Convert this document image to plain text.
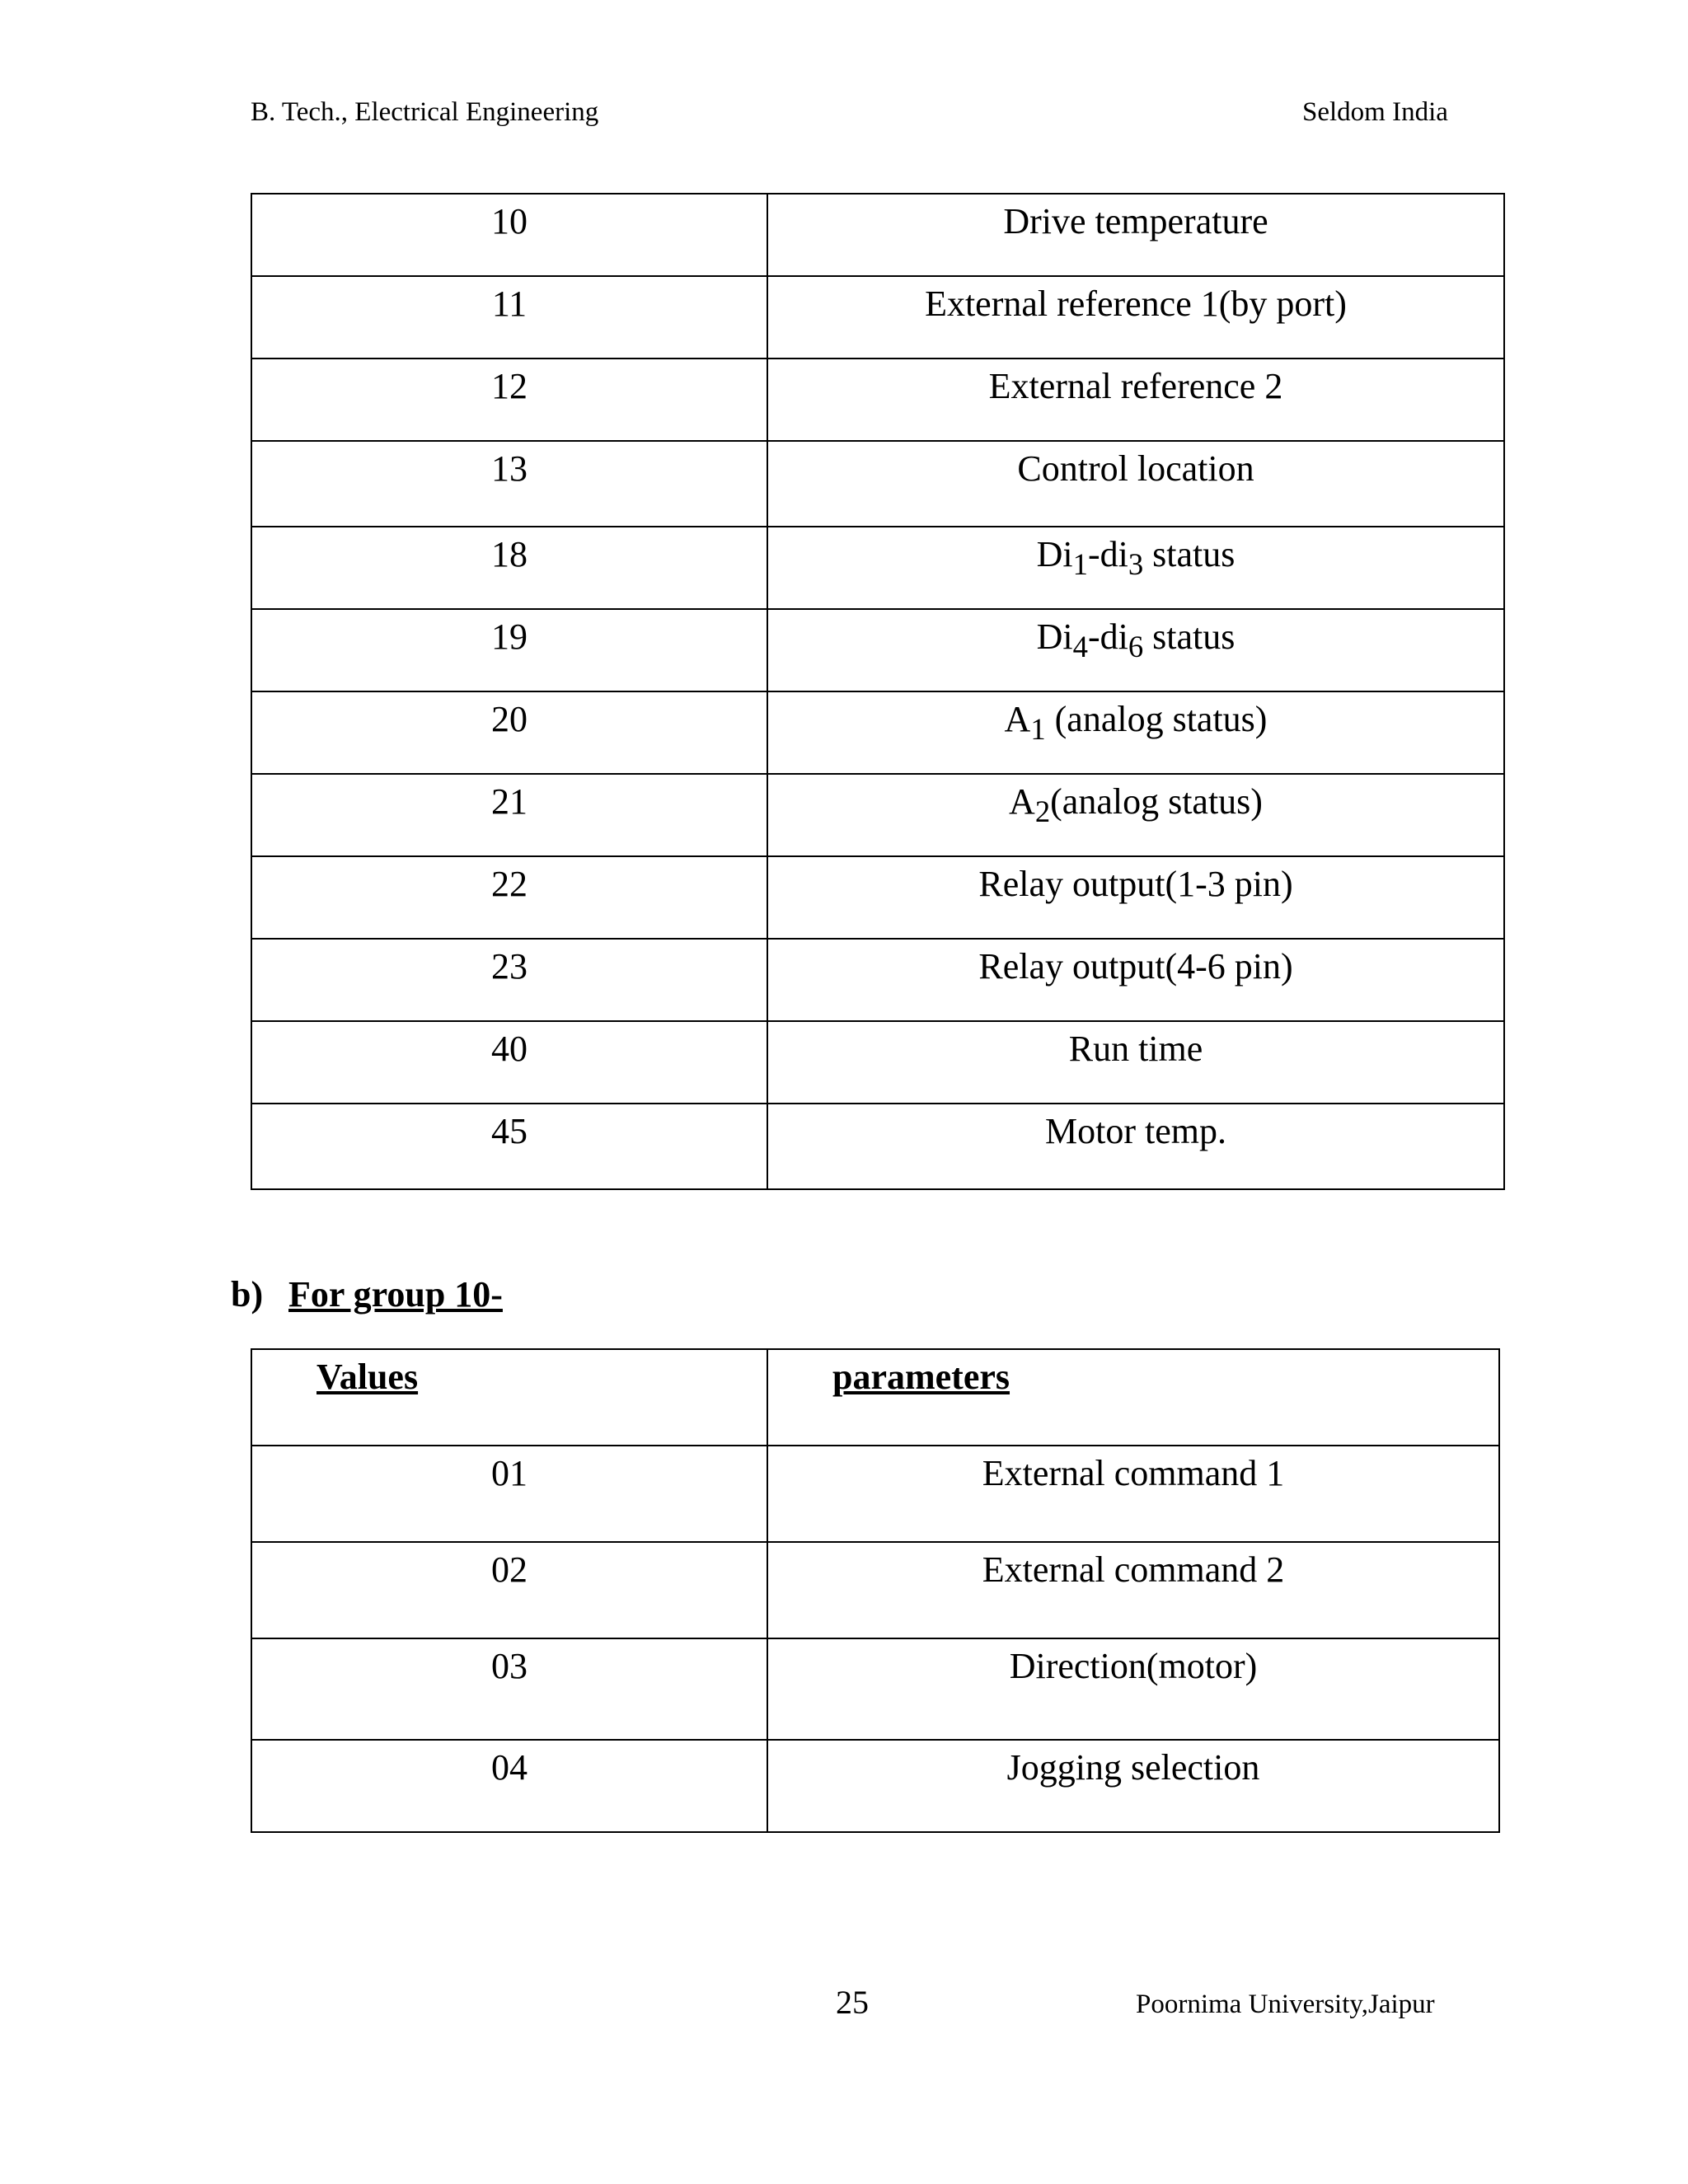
B. Tech., Electrical Engineering	Seldom India
10	Drive temperature
11	External reference 1(by port)
12	External reference 2
13	Control location
18	$Di_1-di_3$ status
19	$Di_4-di_6$ status
20	$A_1$ (analog status)
21	$A_2(analog$ status)
22	Relay output(1-3 pin)
23	Relay output(4-6 pin)
40	Run time
45	Motor temp.
b) For group 10-
Values	parameters
01	External command 1
02	External command 2
03	Direction(motor)
04	Jogging selection
25	Poornima University,Jaipur
